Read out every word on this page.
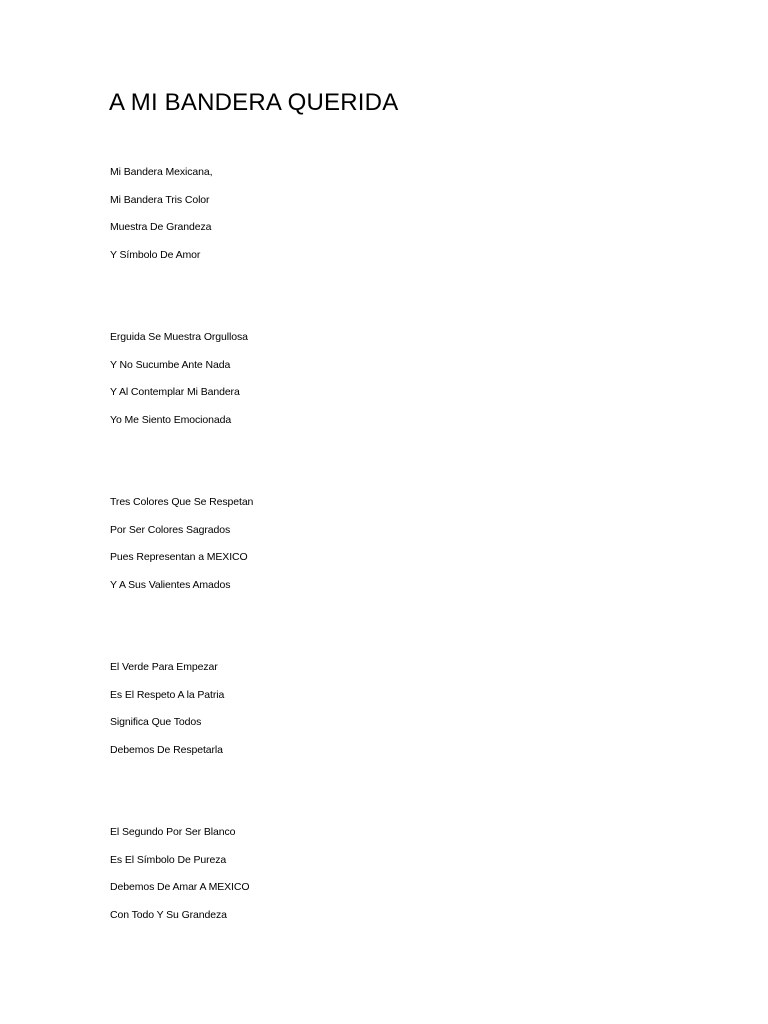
A MI BANDERA QUERIDA
Mi Bandera Mexicana,
Mi Bandera Tris Color
Muestra De Grandeza
Y Símbolo De Amor
Erguida Se Muestra Orgullosa
Y No Sucumbe Ante Nada
Y Al Contemplar Mi Bandera
Yo Me Siento Emocionada
Tres Colores Que Se Respetan
Por Ser Colores Sagrados
Pues Representan a MEXICO
Y A Sus Valientes Amados
El Verde Para Empezar
Es El Respeto A la Patria
Significa Que Todos
Debemos De Respetarla
El Segundo Por Ser Blanco
Es El Símbolo De Pureza
Debemos De Amar A MEXICO
Con Todo Y Su Grandeza
